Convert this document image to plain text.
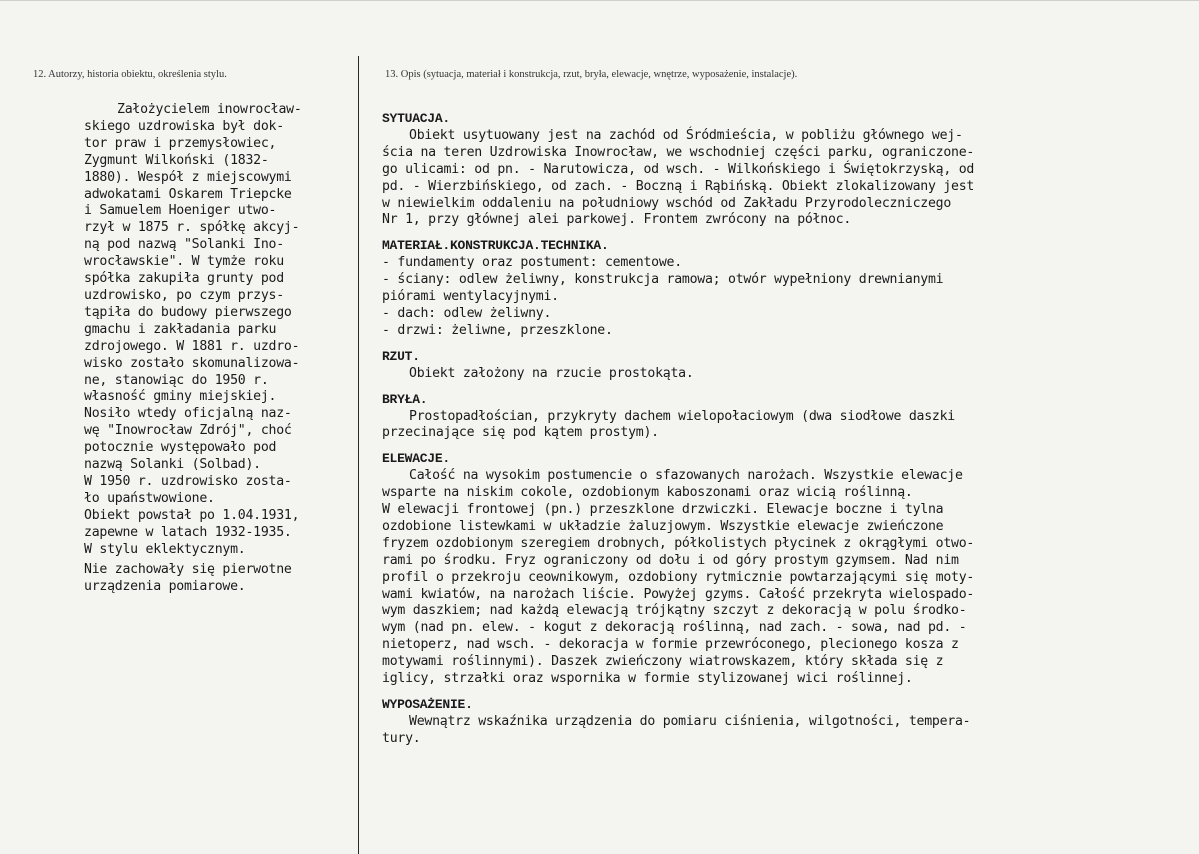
12. Autorzy, historia obiektu, określenia stylu.	13. Opis (sytuacja, materiał i konstrukcja, rzut, bryła, elewacje, wnętrze, wyposażenie, instalacje).
Założycielem inowrocław-
skiego uzdrowiska był dok-
tor praw i przemysłowiec,
Zygmunt Wilkoński (1832-
1880). Wespół z miejscowymi
adwokatami Oskarem Triepcke
i Samuelem Hoeniger utwo-
rzył w 1875 r. spółkę akcyj-
ną pod nazwą "Solanki Ino-
wrocławskie". W tymże roku
spółka zakupiła grunty pod
uzdrowisko, po czym przys-
tąpiła do budowy pierwszego
gmachu i zakładania parku
zdrojowego. W 1881 r. uzdro-
wisko zostało skomunalizowa-
ne, stanowiąc do 1950 r.
własność gminy miejskiej.
Nosiło wtedy oficjalną naz-
wę "Inowrocław Zdrój", choć
potocznie występowało pod
nazwą Solanki (Solbad).
W 1950 r. uzdrowisko zosta-
ło upaństwowione.
Obiekt powstał po 1.04.1931,
zapewne w latach 1932-1935.
W stylu eklektycznym.
Nie zachowały się pierwotne
urządzenia pomiarowe.
SYTUACJA.
Obiekt usytuowany jest na zachód od Śródmieścia, w pobliżu głównego wej-
ścia na teren Uzdrowiska Inowrocław, we wschodniej części parku, ograniczone-
go ulicami: od pn. - Narutowicza, od wsch. - Wilkońskiego i Świętokrzyską, od
pd. - Wierzbińskiego, od zach. - Boczną i Rąbińską. Obiekt zlokalizowany jest
w niewielkim oddaleniu na południowy wschód od Zakładu Przyrodoleczniczego
Nr 1, przy głównej alei parkowej. Frontem zwrócony na północ.
MATERIAŁ.KONSTRUKCJA.TECHNIKA.
- fundamenty oraz postument: cementowe.
- ściany: odlew żeliwny, konstrukcja ramowa; otwór wypełniony drewnianymi
piórami wentylacyjnymi.
- dach: odlew żeliwny.
- drzwi: żeliwne, przeszklone.
RZUT.
Obiekt założony na rzucie prostokąta.
BRYŁA.
Prostopadłościan, przykryty dachem wielopołaciowym (dwa siodłowe daszki
przecinające się pod kątem prostym).
ELEWACJE.
Całość na wysokim postumencie o sfazowanych narożach. Wszystkie elewacje
wsparte na niskim cokole, ozdobionym kaboszonami oraz wicią roślinną.
W elewacji frontowej (pn.) przeszklone drzwiczki. Elewacje boczne i tylna
ozdobione listewkami w układzie żaluzjowym. Wszystkie elewacje zwieńczone
fryzem ozdobionym szeregiem drobnych, półkolistych płycinek z okrągłymi otwo-
rami po środku. Fryz ograniczony od dołu i od góry prostym gzymsem. Nad nim
profil o przekroju ceownikowym, ozdobiony rytmicznie powtarzającymi się moty-
wami kwiatów, na narożach liście. Powyżej gzyms. Całość przekryta wielospado-
wym daszkiem; nad każdą elewacją trójkątny szczyt z dekoracją w polu środko-
wym (nad pn. elew. - kogut z dekoracją roślinną, nad zach. - sowa, nad pd. -
nietoperz, nad wsch. - dekoracja w formie przewróconego, plecionego kosza z
motywami roślinnymi). Daszek zwieńczony wiatrowskazem, który składa się z
iglicy, strzałki oraz wspornika w formie stylizowanej wici roślinnej.
WYPOSAŻENIE.
Wewnątrz wskaźnika urządzenia do pomiaru ciśnienia, wilgotności, tempera-
tury.
